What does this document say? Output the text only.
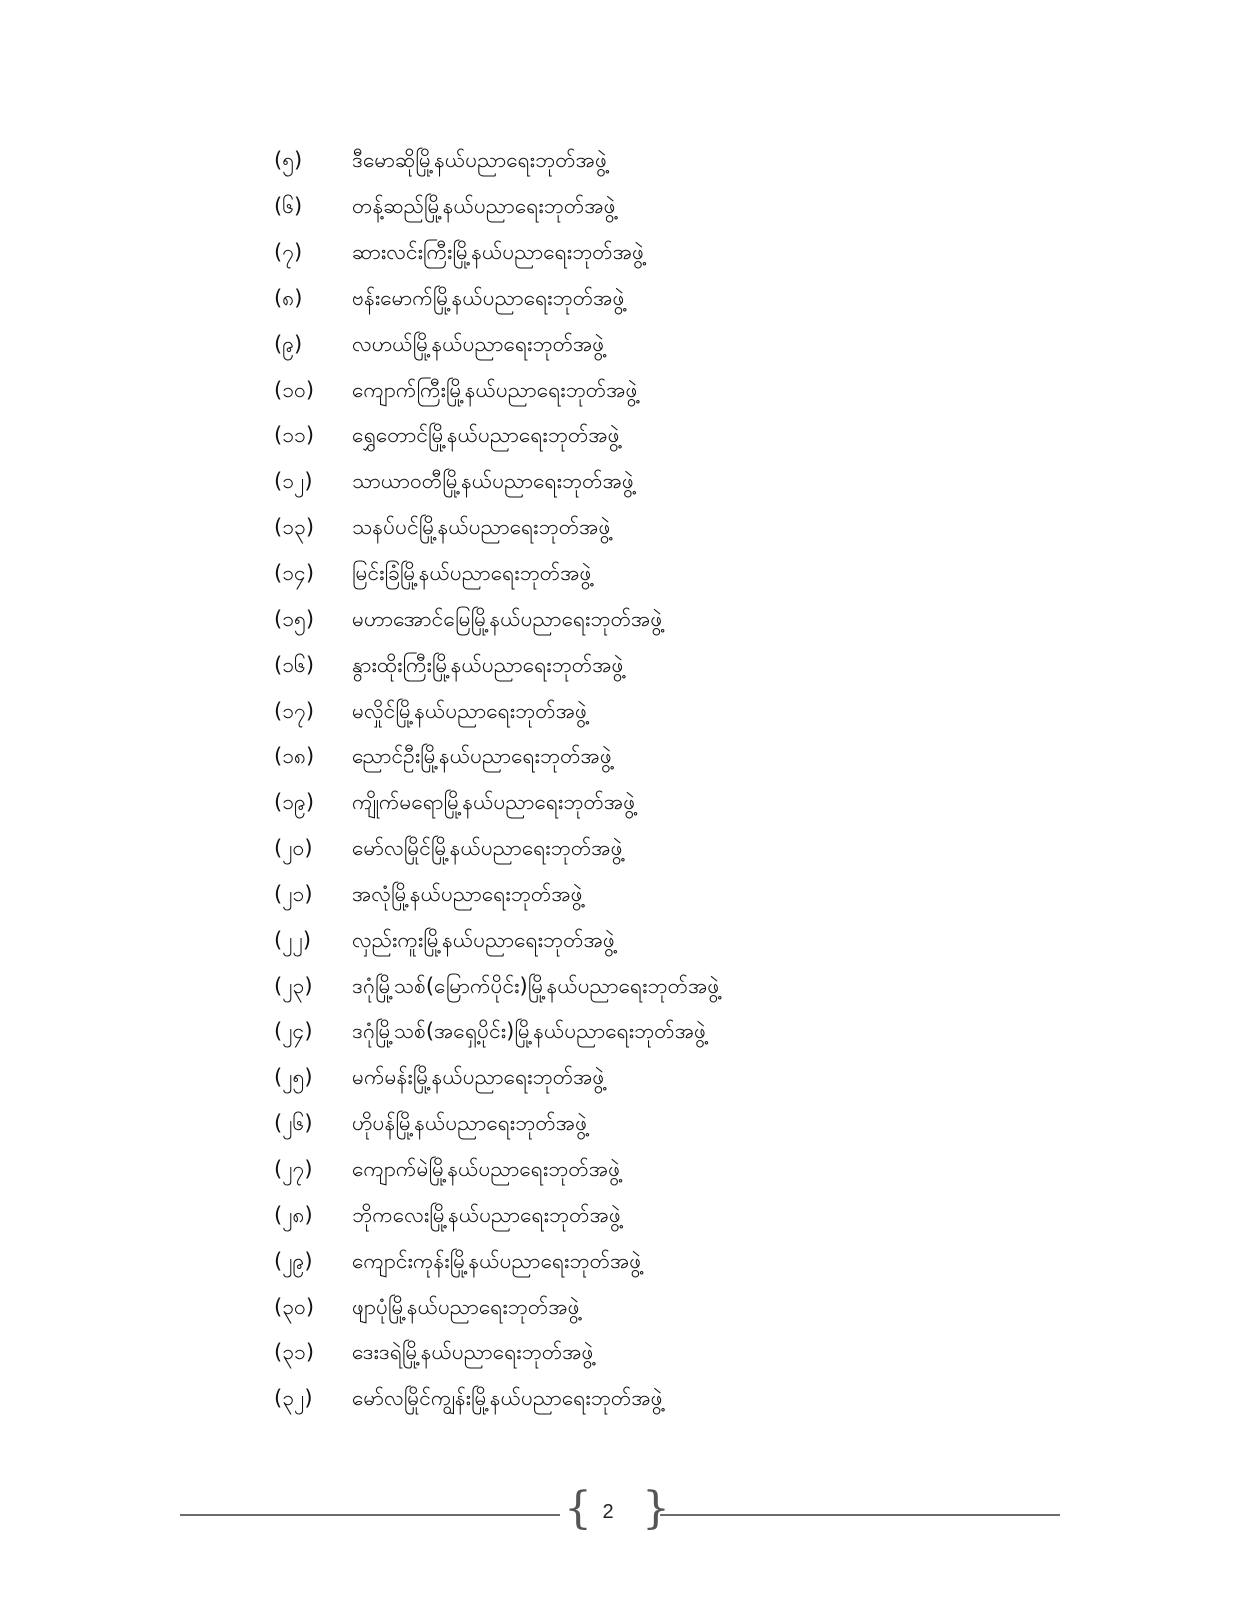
(၅)	ဒီမောဆိုမြို့နယ်ပညာရေးဘုတ်အဖွဲ့
(၆)	တန့်ဆည်မြို့နယ်ပညာရေးဘုတ်အဖွဲ့
(၇)	ဆားလင်းကြီးမြို့နယ်ပညာရေးဘုတ်အဖွဲ့
(၈)	ဗန်းမောက်မြို့နယ်ပညာရေးဘုတ်အဖွဲ့
(၉)	လဟယ်မြို့နယ်ပညာရေးဘုတ်အဖွဲ့
(၁၀)	ကျောက်ကြီးမြို့နယ်ပညာရေးဘုတ်အဖွဲ့
(၁၁)	ရွှေတောင်မြို့နယ်ပညာရေးဘုတ်အဖွဲ့
(၁၂)	သာယာဝတီမြို့နယ်ပညာရေးဘုတ်အဖွဲ့
(၁၃)	သနပ်ပင်မြို့နယ်ပညာရေးဘုတ်အဖွဲ့
(၁၄)	မြင်းခြံမြို့နယ်ပညာရေးဘုတ်အဖွဲ့
(၁၅)	မဟာအောင်မြေမြို့နယ်ပညာရေးဘုတ်အဖွဲ့
(၁၆)	နွားထိုးကြီးမြို့နယ်ပညာရေးဘုတ်အဖွဲ့
(၁၇)	မလှိုင်မြို့နယ်ပညာရေးဘုတ်အဖွဲ့
(၁၈)	ညောင်ဦးမြို့နယ်ပညာရေးဘုတ်အဖွဲ့
(၁၉)	ကျိုက်မရောမြို့နယ်ပညာရေးဘုတ်အဖွဲ့
(၂၀)	မော်လမြိုင်မြို့နယ်ပညာရေးဘုတ်အဖွဲ့
(၂၁)	အလုံမြို့နယ်ပညာရေးဘုတ်အဖွဲ့
(၂၂)	လှည်းကူးမြို့နယ်ပညာရေးဘုတ်အဖွဲ့
(၂၃)	ဒဂုံမြို့သစ်(မြောက်ပိုင်း)မြို့နယ်ပညာရေးဘုတ်အဖွဲ့
(၂၄)	ဒဂုံမြို့သစ်(အရှေ့ပိုင်း)မြို့နယ်ပညာရေးဘုတ်အဖွဲ့
(၂၅)	မက်မန်းမြို့နယ်ပညာရေးဘုတ်အဖွဲ့
(၂၆)	ဟိုပန်မြို့နယ်ပညာရေးဘုတ်အဖွဲ့
(၂၇)	ကျောက်မဲမြို့နယ်ပညာရေးဘုတ်အဖွဲ့
(၂၈)	ဘိုကလေးမြို့နယ်ပညာရေးဘုတ်အဖွဲ့
(၂၉)	ကျောင်းကုန်းမြို့နယ်ပညာရေးဘုတ်အဖွဲ့
(၃၀)	ဖျာပုံမြို့နယ်ပညာရေးဘုတ်အဖွဲ့
(၃၁)	ဒေးဒရဲမြို့နယ်ပညာရေးဘုတ်အဖွဲ့
(၃၂)	မော်လမြိုင်ကျွန်းမြို့နယ်ပညာရေးဘုတ်အဖွဲ့
{ 2 }
